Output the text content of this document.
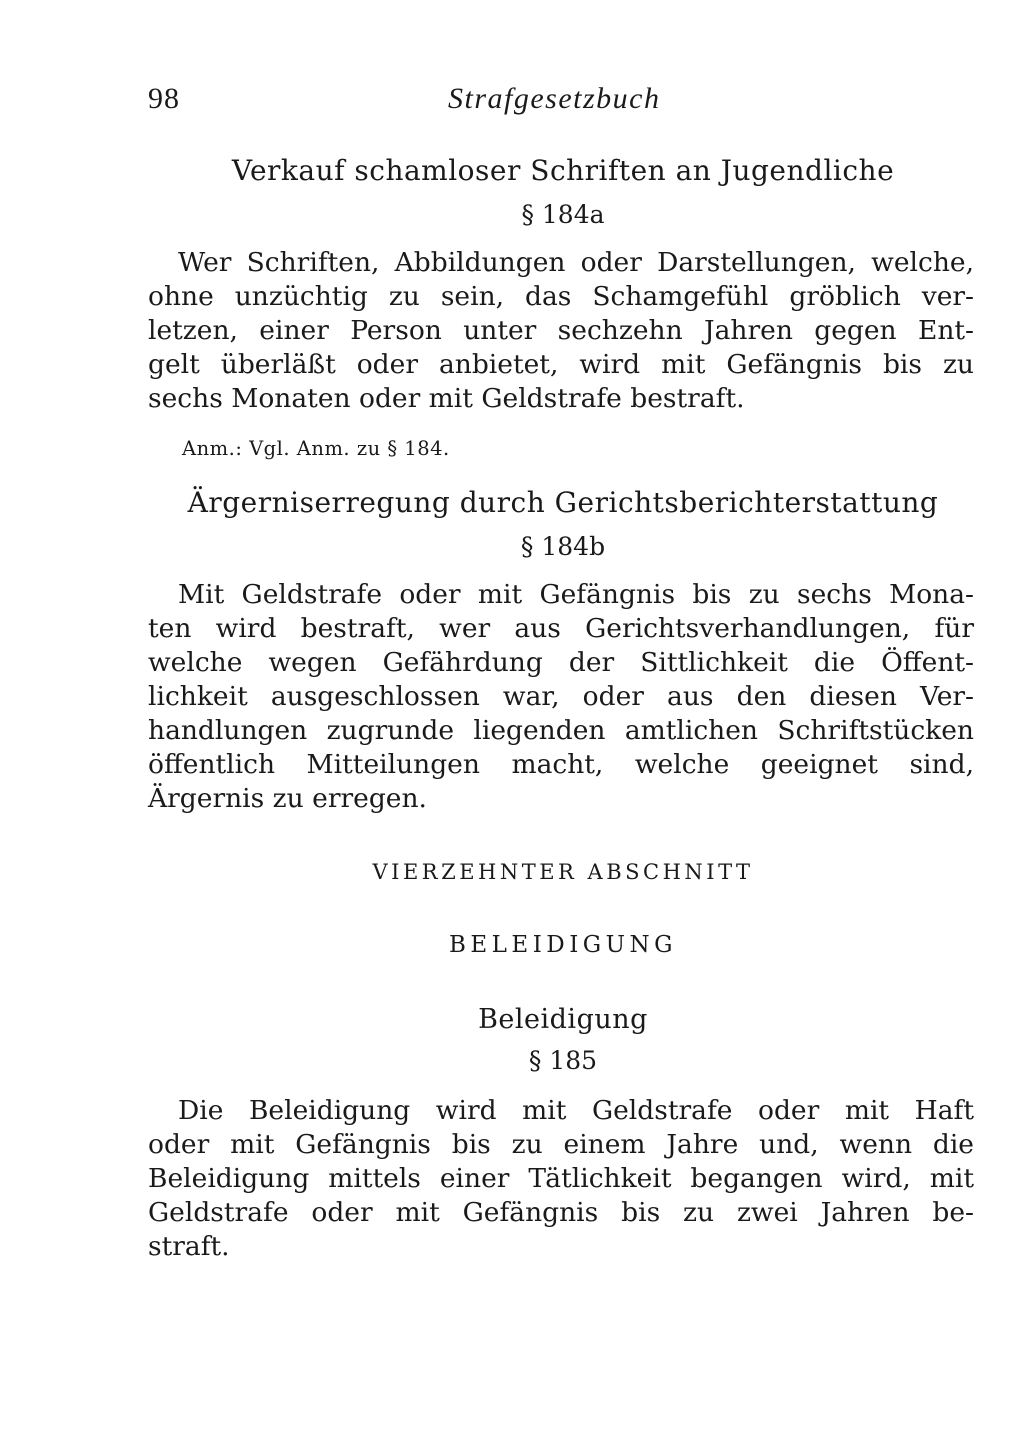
98	Strafgesetzbuch
Verkauf schamloser Schriften an Jugendliche
§ 184a
Wer Schriften, Abbildungen oder Darstellungen, welche,
ohne unzüchtig zu sein, das Schamgefühl gröblich ver-
letzen, einer Person unter sechzehn Jahren gegen Ent-
gelt überläßt oder anbietet, wird mit Gefängnis bis zu
sechs Monaten oder mit Geldstrafe bestraft.
Anm.: Vgl. Anm. zu § 184.
Ärgerniserregung durch Gerichtsberichterstattung
§ 184b
Mit Geldstrafe oder mit Gefängnis bis zu sechs Mona-
ten wird bestraft, wer aus Gerichtsverhandlungen, für
welche wegen Gefährdung der Sittlichkeit die Öffent-
lichkeit ausgeschlossen war, oder aus den diesen Ver-
handlungen zugrunde liegenden amtlichen Schriftstücken
öffentlich Mitteilungen macht, welche geeignet sind,
Ärgernis zu erregen.
VIERZEHNTER ABSCHNITT
BELEIDIGUNG
Beleidigung
§ 185
Die Beleidigung wird mit Geldstrafe oder mit Haft
oder mit Gefängnis bis zu einem Jahre und, wenn die
Beleidigung mittels einer Tätlichkeit begangen wird, mit
Geldstrafe oder mit Gefängnis bis zu zwei Jahren be-
straft.
